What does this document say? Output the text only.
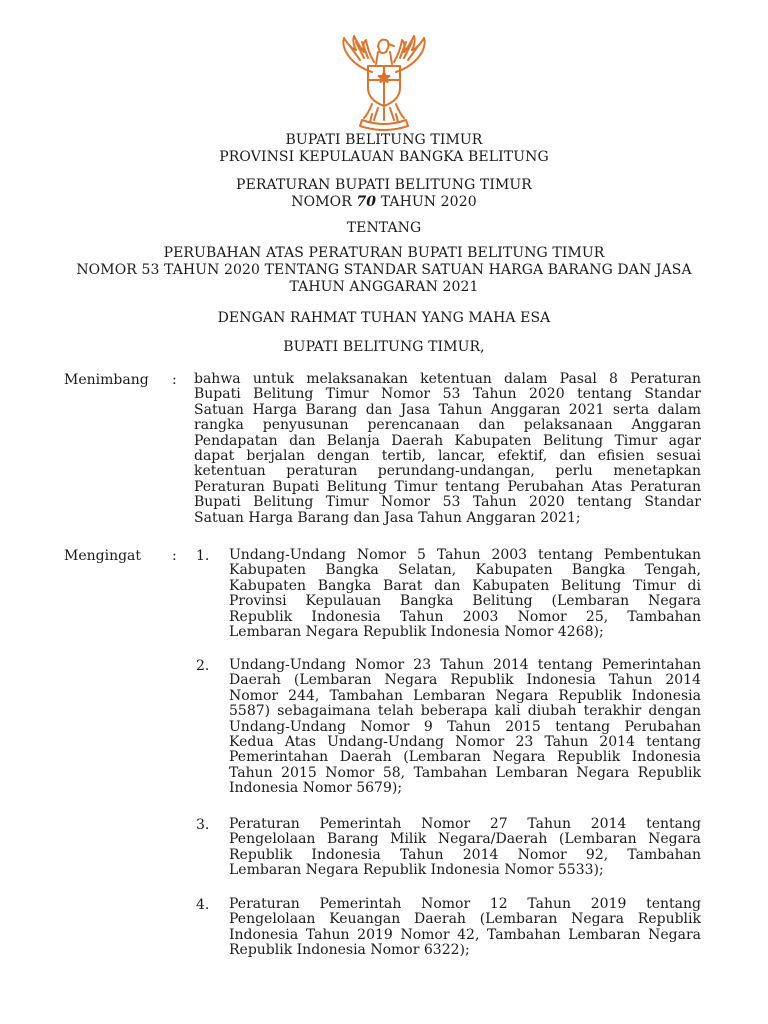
BUPATI BELITUNG TIMUR
PROVINSI KEPULAUAN BANGKA BELITUNG
PERATURAN BUPATI BELITUNG TIMUR
NOMOR 70 TAHUN 2020
TENTANG
PERUBAHAN ATAS PERATURAN BUPATI BELITUNG TIMUR
NOMOR 53 TAHUN 2020 TENTANG STANDAR SATUAN HARGA BARANG DAN JASA
TAHUN ANGGARAN 2021
DENGAN RAHMAT TUHAN YANG MAHA ESA
BUPATI BELITUNG TIMUR,
Menimbang : bahwa untuk melaksanakan ketentuan dalam Pasal 8 Peraturan
Bupati Belitung Timur Nomor 53 Tahun 2020 tentang Standar
Satuan Harga Barang dan Jasa Tahun Anggaran 2021 serta dalam
rangka penyusunan perencanaan dan pelaksanaan Anggaran
Pendapatan dan Belanja Daerah Kabupaten Belitung Timur agar
dapat berjalan dengan tertib, lancar, efektif, dan efisien sesuai
ketentuan peraturan perundang-undangan, perlu menetapkan
Peraturan Bupati Belitung Timur tentang Perubahan Atas Peraturan
Bupati Belitung Timur Nomor 53 Tahun 2020 tentang Standar
Satuan Harga Barang dan Jasa Tahun Anggaran 2021;
Mengingat : 1. Undang-Undang Nomor 5 Tahun 2003 tentang Pembentukan
Kabupaten Bangka Selatan, Kabupaten Bangka Tengah,
Kabupaten Bangka Barat dan Kabupaten Belitung Timur di
Provinsi Kepulauan Bangka Belitung (Lembaran Negara
Republik Indonesia Tahun 2003 Nomor 25, Tambahan
Lembaran Negara Republik Indonesia Nomor 4268);
2. Undang-Undang Nomor 23 Tahun 2014 tentang Pemerintahan
Daerah (Lembaran Negara Republik Indonesia Tahun 2014
Nomor 244, Tambahan Lembaran Negara Republik Indonesia
5587) sebagaimana telah beberapa kali diubah terakhir dengan
Undang-Undang Nomor 9 Tahun 2015 tentang Perubahan
Kedua Atas Undang-Undang Nomor 23 Tahun 2014 tentang
Pemerintahan Daerah (Lembaran Negara Republik Indonesia
Tahun 2015 Nomor 58, Tambahan Lembaran Negara Republik
Indonesia Nomor 5679);
3. Peraturan Pemerintah Nomor 27 Tahun 2014 tentang
Pengelolaan Barang Milik Negara/Daerah (Lembaran Negara
Republik Indonesia Tahun 2014 Nomor 92, Tambahan
Lembaran Negara Republik Indonesia Nomor 5533);
4. Peraturan Pemerintah Nomor 12 Tahun 2019 tentang
Pengelolaan Keuangan Daerah (Lembaran Negara Republik
Indonesia Tahun 2019 Nomor 42, Tambahan Lembaran Negara
Republik Indonesia Nomor 6322);
